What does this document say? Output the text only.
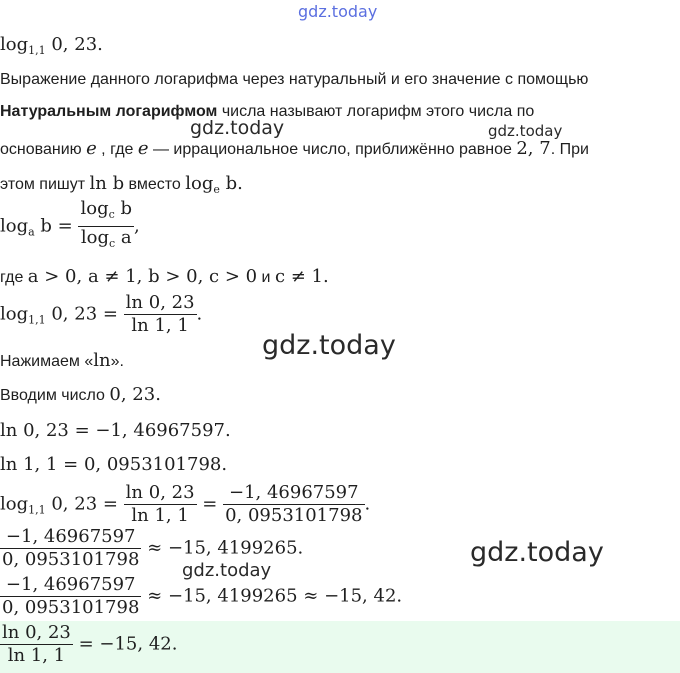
gdz.today
gdz.today	gdz.today
gdz.today
gdz.today
gdz.today
$\log_{1,1} 0$, 23.
Выражение данного логарифма через натуральный и его значение с помощью
Натуральным логарифмом числа называют логарифм этого числа по
основанию e , где e — иррациональное число, приближённо равное 2, 7. При
этом пишут ln b вместо $\log_e b$.
$\log_a b = \frac{\log_c b}{\log_c a}$ ,
где a > 0, a ≠ 1, b > 0, c > 0 и c ≠ 1.
$\log_{1,1} 0$, $23 = \frac{\ln 0, 23}{\ln 1, 1}$ .
Нажимаем «ln».
Вводим число 0, 23.
ln 0, 23 = −1, 46967597.
ln 1, 1 = 0, 0953101798.
$\log_{1,1} 0$, $23 = \frac{\ln 0, 23}{\ln 1, 1} = \frac{-1, 46967597}{0, 0953101798}$ .
$\frac{-1, 46967597}{0, 0953101798} \approx -15$, 4199265.
$\frac{-1, 46967597}{0, 0953101798} \approx -15$, 4199265 ≈ −15, 42.
$\frac{\ln 0, 23}{\ln 1, 1} = -15$, 42.
